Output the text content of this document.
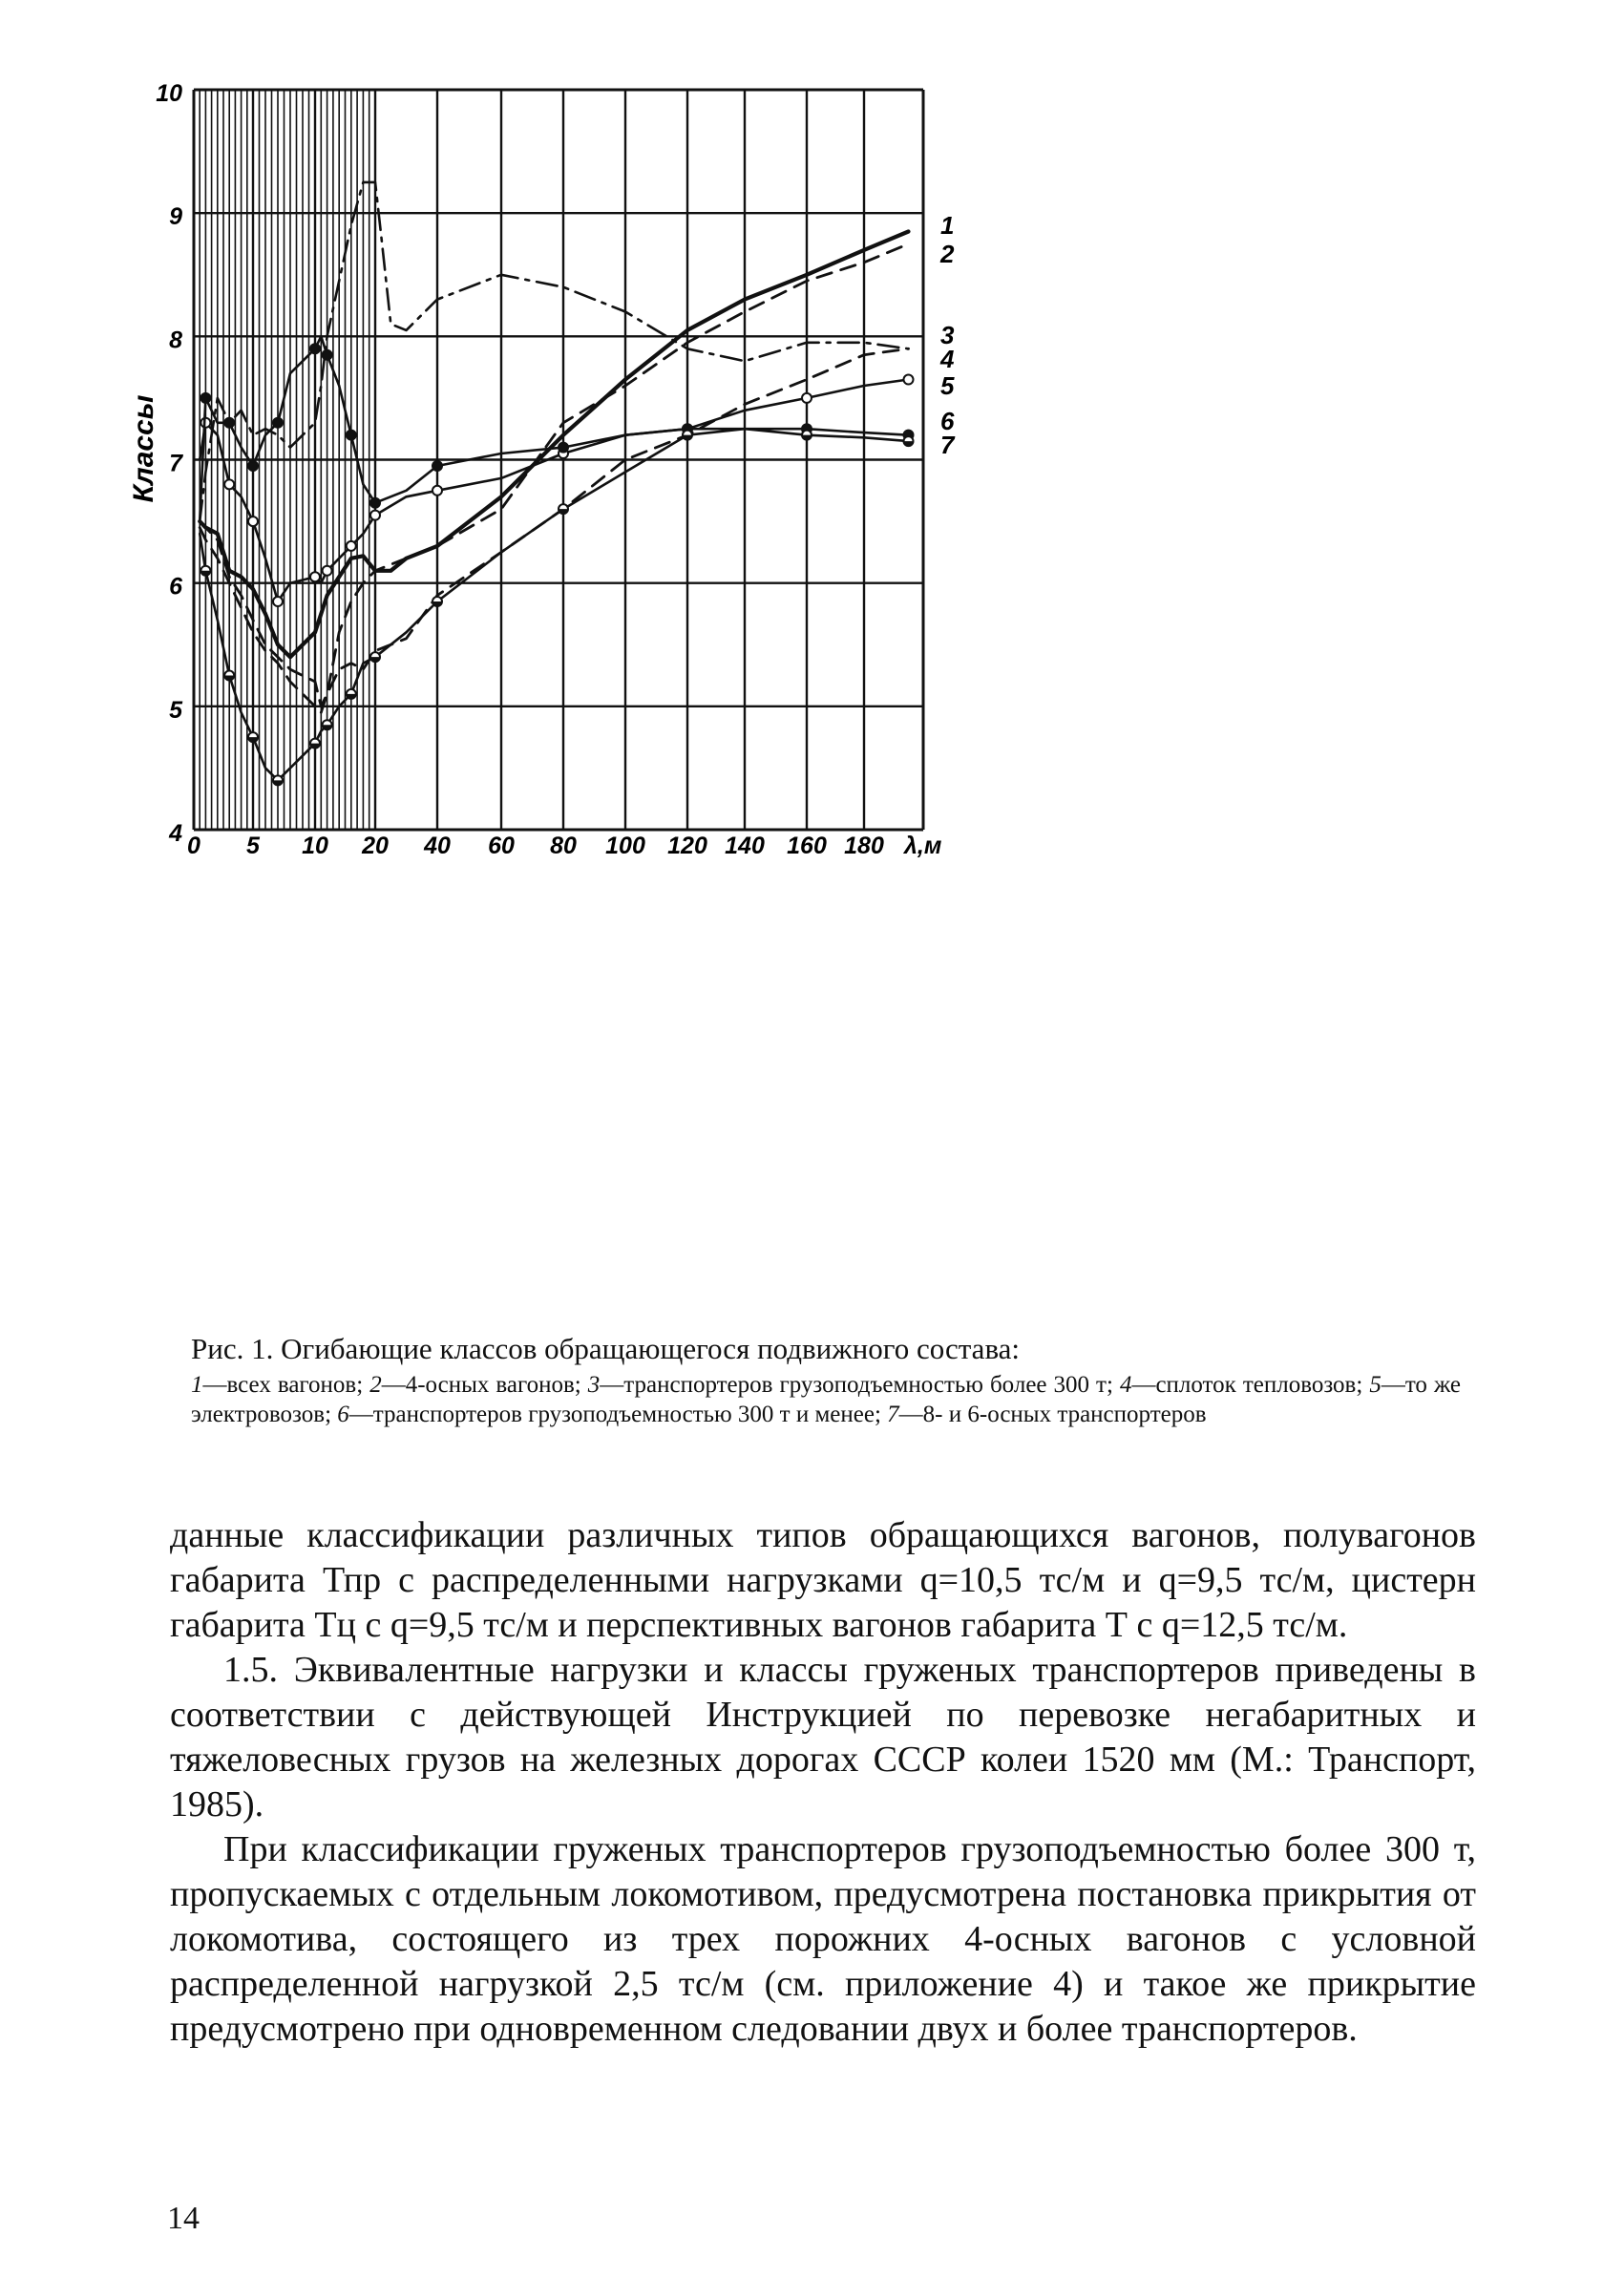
1
2
3
4
5
6
7
0 5 10 20 40 60 80 100 120 140 160 180 λ,м
4
5
6
7
8
9
10
Классы
Рис. 1. Огибающие классов обращающегося подвижного состава:
1—всех вагонов; 2—4-осных вагонов; 3—транспортеров грузоподъемностью более 300 т; 4—сплоток тепловозов; 5—то же электровозов; 6—транспортеров грузоподъемностью 300 т и менее; 7—8- и 6-осных транспортеров

данные классификации различных типов обращающихся вагонов, полувагонов габарита Тпр с распределенными нагрузками q=10,5 тс/м и q=9,5 тс/м, цистерн габарита Тц с q=9,5 тс/м и перспективных вагонов габарита Т с q=12,5 тс/м.

1.5. Эквивалентные нагрузки и классы груженых транспортеров приведены в соответствии с действующей Инструкцией по перевозке негабаритных и тяжеловесных грузов на железных дорогах СССР колеи 1520 мм (М.: Транспорт, 1985).

При классификации груженых транспортеров грузоподъемностью более 300 т, пропускаемых с отдельным локомотивом, предусмотрена постановка прикрытия от локомотива, состоящего из трех порожних 4-осных вагонов с условной распределенной нагрузкой 2,5 тс/м (см. приложение 4) и такое же прикрытие предусмотрено при одновременном следовании двух и более транспортеров.

14
